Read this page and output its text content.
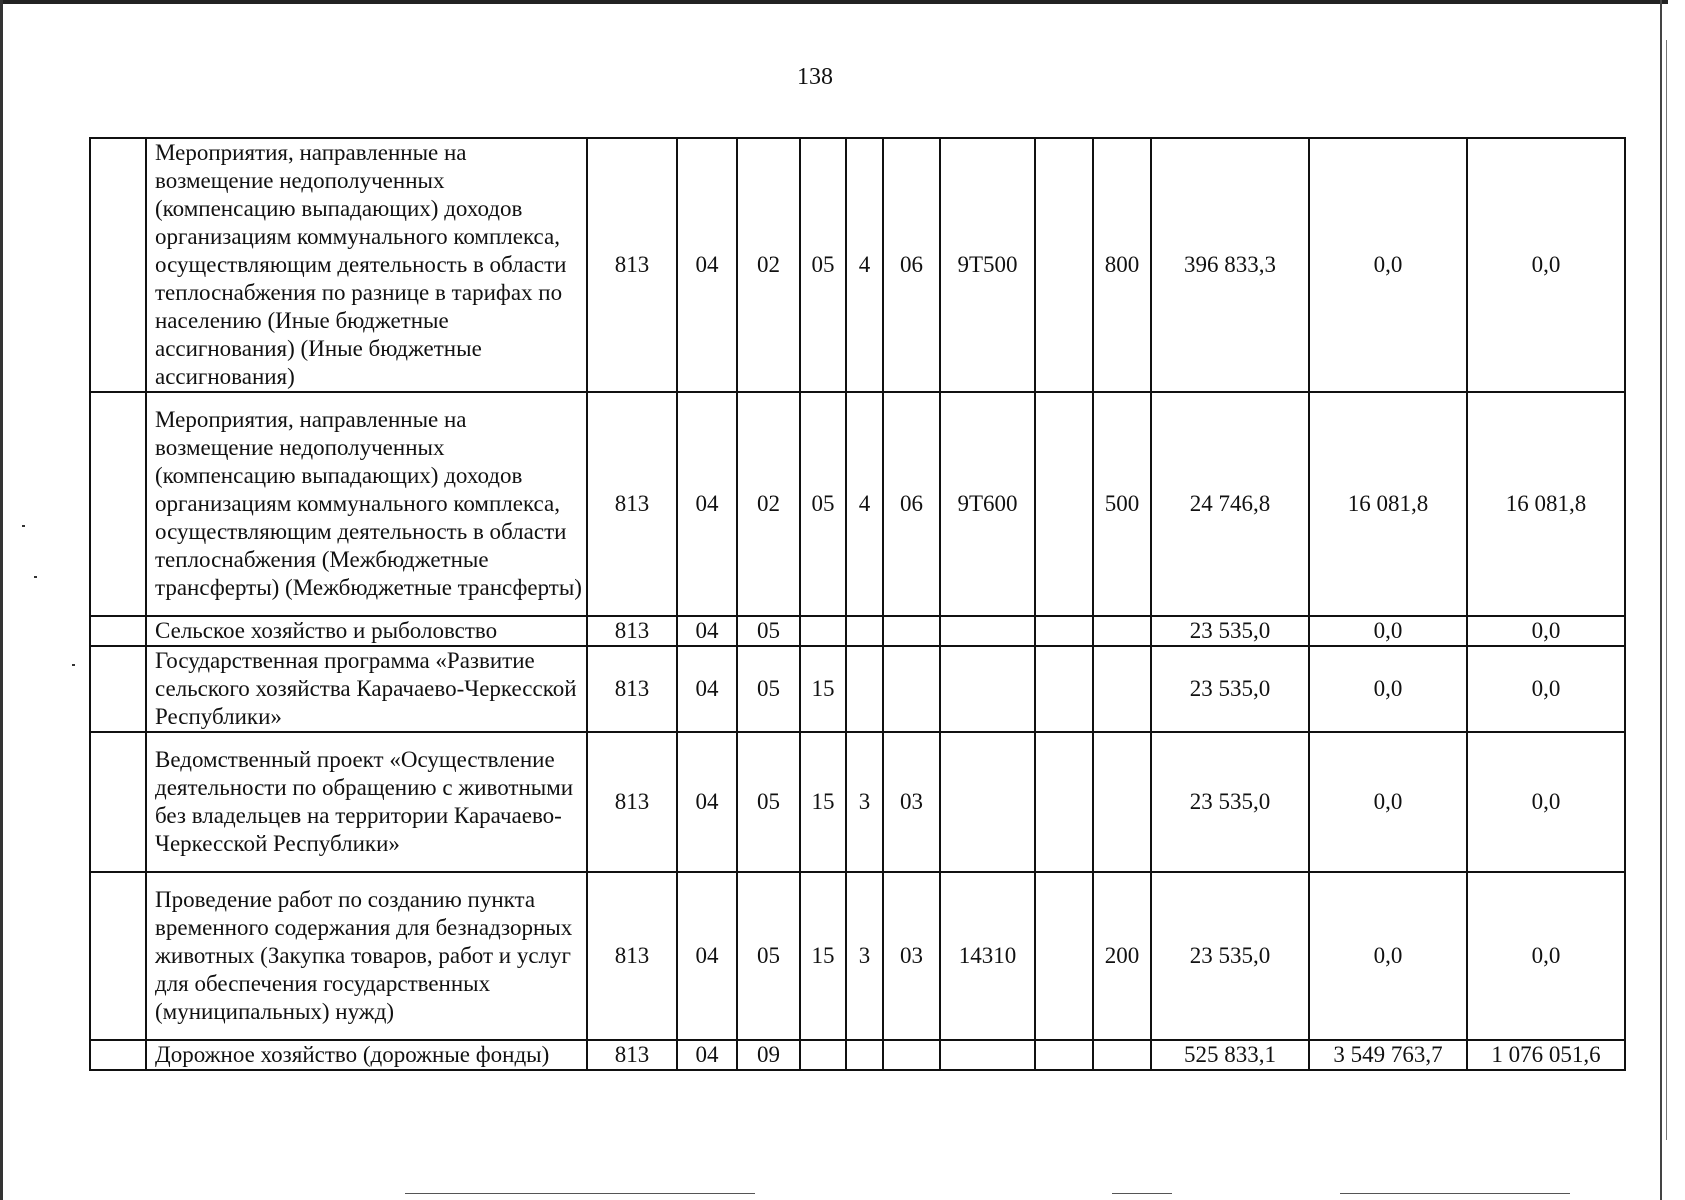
138
	Мероприятия, направленные на возмещение недополученных (компенсацию выпадающих) доходов организациям коммунального комплекса, осуществляющим деятельность в области теплоснабжения по разнице в тарифах по населению (Иные бюджетные ассигнования) (Иные бюджетные ассигнования)	813	04	02	05	4	06	9Т500		800	396 833,3	0,0	0,0
	Мероприятия, направленные на возмещение недополученных (компенсацию выпадающих) доходов организациям коммунального комплекса, осуществляющим деятельность в области теплоснабжения (Межбюджетные трансферты) (Межбюджетные трансферты)	813	04	02	05	4	06	9Т600		500	24 746,8	16 081,8	16 081,8
	Сельское хозяйство и рыболовство	813	04	05							23 535,0	0,0	0,0
	Государственная программа «Развитие сельского хозяйства Карачаево-Черкесской Республики»	813	04	05	15						23 535,0	0,0	0,0
	Ведомственный проект «Осуществление деятельности по обращению с животными без владельцев на территории Карачаево-Черкесской Республики»	813	04	05	15	3	03				23 535,0	0,0	0,0
	Проведение работ по созданию пункта временного содержания для безнадзорных животных (Закупка товаров, работ и услуг для обеспечения государственных (муниципальных) нужд)	813	04	05	15	3	03	14310		200	23 535,0	0,0	0,0
	Дорожное хозяйство (дорожные фонды)	813	04	09							525 833,1	3 549 763,7	1 076 051,6
